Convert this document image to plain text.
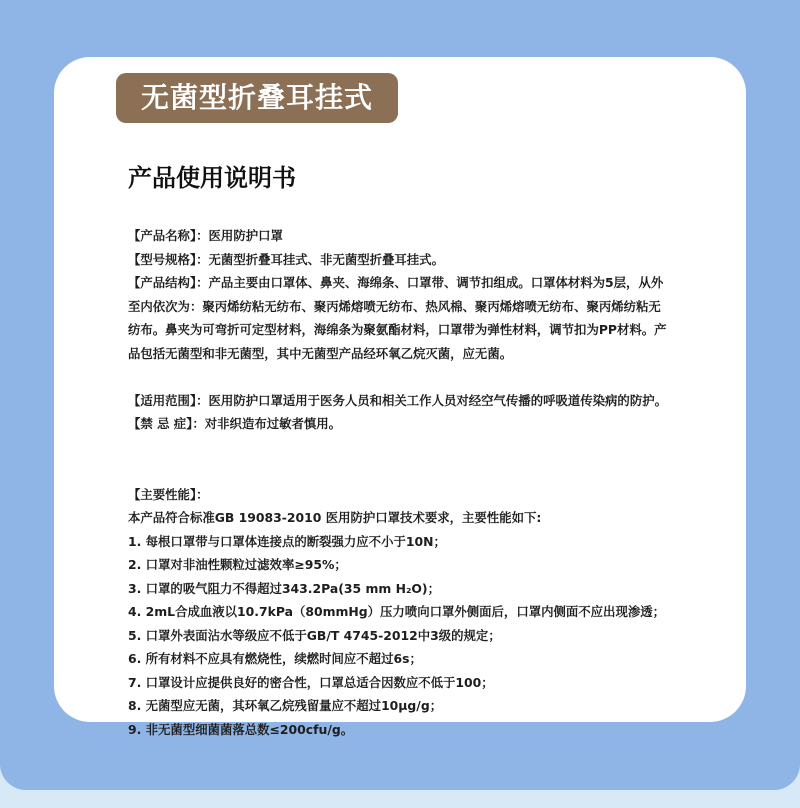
无菌型折叠耳挂式
产品使用说明书

【产品名称】：医用防护口罩

【型号规格】：无菌型折叠耳挂式、非无菌型折叠耳挂式。

【产品结构】：产品主要由口罩体、鼻夹、海绵条、口罩带、调节扣组成。口罩体材料为5层，从外

至内依次为：聚丙烯纺粘无纺布、聚丙烯熔喷无纺布、热风棉、聚丙烯熔喷无纺布、聚丙烯纺粘无

纺布。鼻夹为可弯折可定型材料，海绵条为聚氨酯材料，口罩带为弹性材料，调节扣为PP材料。产

品包括无菌型和非无菌型，其中无菌型产品经环氧乙烷灭菌，应无菌。

【适用范围】：医用防护口罩适用于医务人员和相关工作人员对经空气传播的呼吸道传染病的防护。

【禁 忌 症】：对非织造布过敏者慎用。

【主要性能】：

本产品符合标准GB 19083-2010 医用防护口罩技术要求，主要性能如下:

1. 每根口罩带与口罩体连接点的断裂强力应不小于10N；

2. 口罩对非油性颗粒过滤效率≥95%；

3. 口罩的吸气阻力不得超过343.2Pa(35 mm H₂O)；

4. 2mL合成血液以10.7kPa（80mmHg）压力喷向口罩外侧面后，口罩内侧面不应出现渗透；

5. 口罩外表面沾水等级应不低于GB/T 4745-2012中3级的规定；

6. 所有材料不应具有燃烧性，续燃时间应不超过6s；

7. 口罩设计应提供良好的密合性，口罩总适合因数应不低于100；

8. 无菌型应无菌，其环氧乙烷残留量应不超过10μg/g；

9. 非无菌型细菌菌落总数≤200cfu/g。
